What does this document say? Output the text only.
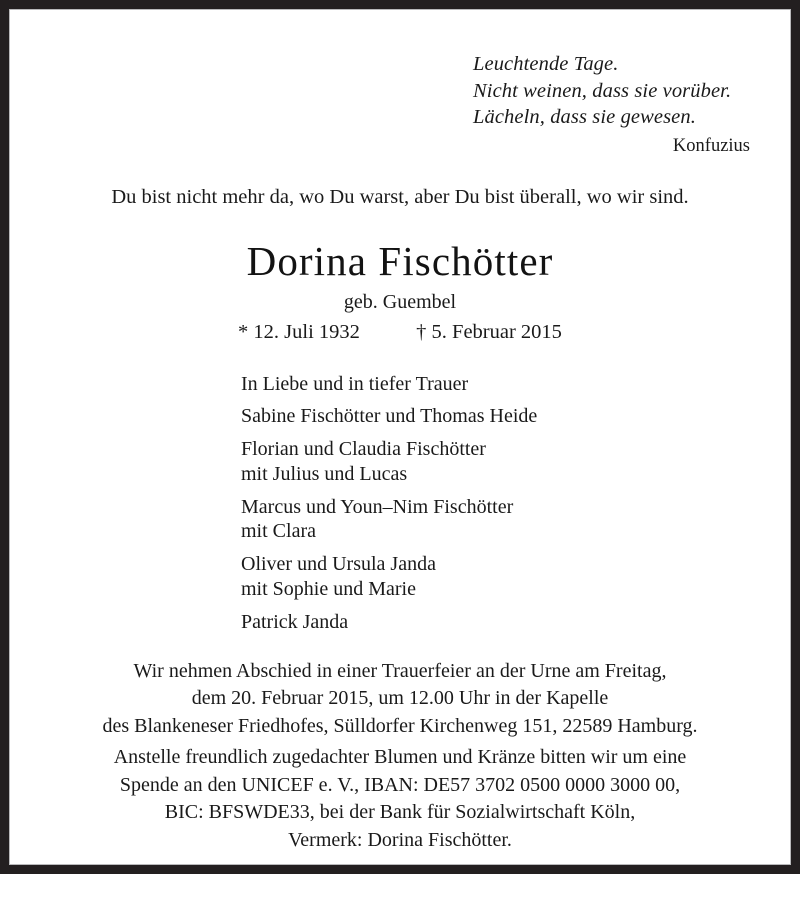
Leuchtende Tage.
Nicht weinen, dass sie vorüber.
Lächeln, dass sie gewesen.
Konfuzius
Du bist nicht mehr da, wo Du warst, aber Du bist überall, wo wir sind.
Dorina Fischötter
geb. Guembel
* 12. Juli 1932	† 5. Februar 2015
In Liebe und in tiefer Trauer
Sabine Fischötter und Thomas Heide
Florian und Claudia Fischötter
mit Julius und Lucas
Marcus und Youn–Nim Fischötter
mit Clara
Oliver und Ursula Janda
mit Sophie und Marie
Patrick Janda
Wir nehmen Abschied in einer Trauerfeier an der Urne am Freitag,
dem 20. Februar 2015, um 12.00 Uhr in der Kapelle
des Blankeneser Friedhofes, Sülldorfer Kirchenweg 151, 22589 Hamburg.
Anstelle freundlich zugedachter Blumen und Kränze bitten wir um eine
Spende an den UNICEF e. V., IBAN: DE57 3702 0500 0000 3000 00,
BIC: BFSWDE33, bei der Bank für Sozialwirtschaft Köln,
Vermerk: Dorina Fischötter.
